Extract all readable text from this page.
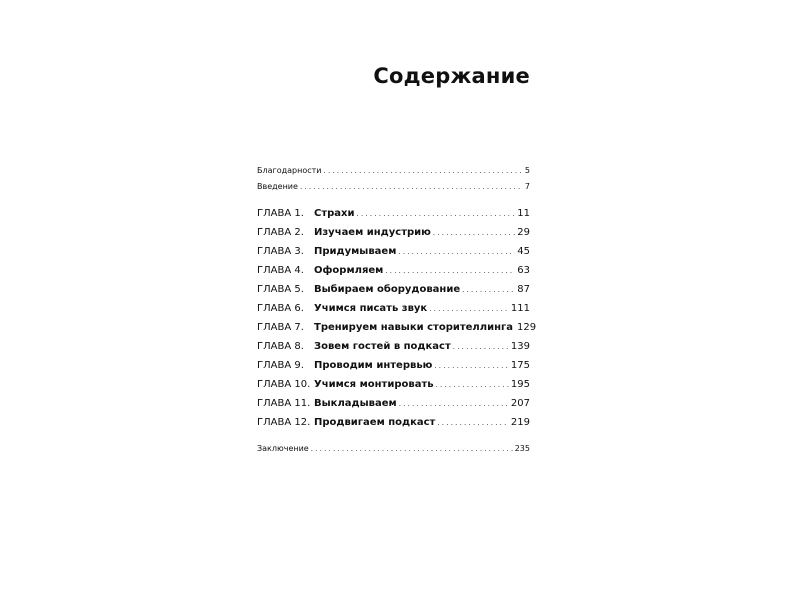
Содержание
Благодарности . . .	5
Введение . . .	7
ГЛАВА 1.	Страхи . . .	11
ГЛАВА 2.	Изучаем индустрию . . .	29
ГЛАВА 3.	Придумываем . . .	45
ГЛАВА 4.	Оформляем . . .	63
ГЛАВА 5.	Выбираем оборудование . . .	87
ГЛАВА 6.	Учимся писать звук . . .	111
ГЛАВА 7.	Тренируем навыки сторителлинга 129
ГЛАВА 8.	Зовем гостей в подкаст . . .	139
ГЛАВА 9.	Проводим интервью . . .	175
ГЛАВА 10. Учимся монтировать . . .	195
ГЛАВА 11. Выкладываем . . .	207
ГЛАВА 12. Продвигаем подкаст . . .	219
Заключение . . .	235
